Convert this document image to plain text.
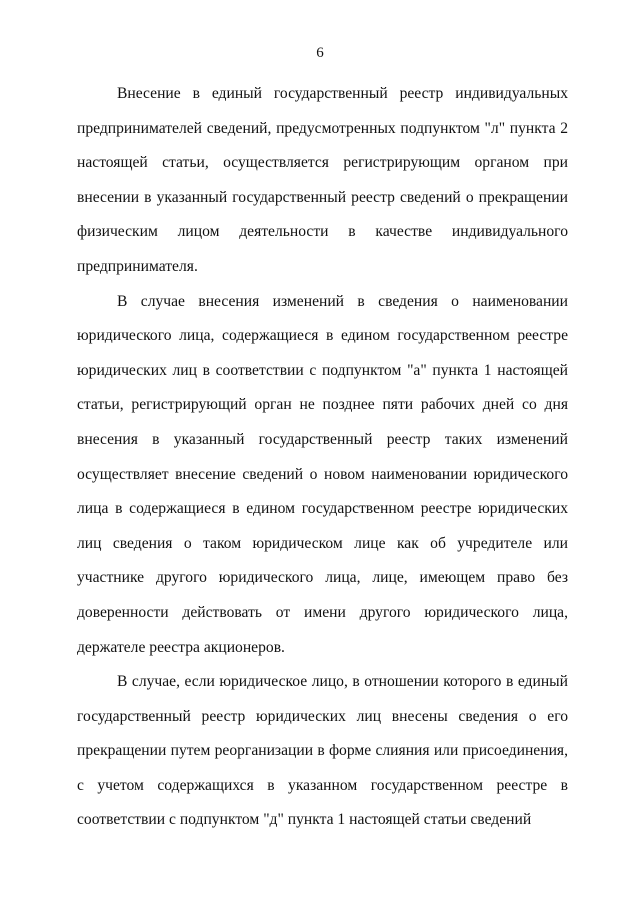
6

Внесение в единый государственный реестр индивидуальных предпринимателей сведений, предусмотренных подпунктом "л" пункта 2 настоящей статьи, осуществляется регистрирующим органом при внесении в указанный государственный реестр сведений о прекращении физическим лицом деятельности в качестве индивидуального предпринимателя.

В случае внесения изменений в сведения о наименовании юридического лица, содержащиеся в едином государственном реестре юридических лиц в соответствии с подпунктом "а" пункта 1 настоящей статьи, регистрирующий орган не позднее пяти рабочих дней со дня внесения в указанный государственный реестр таких изменений осуществляет внесение сведений о новом наименовании юридического лица в содержащиеся в едином государственном реестре юридических лиц сведения о таком юридическом лице как об учредителе или участнике другого юридического лица, лице, имеющем право без доверенности действовать от имени другого юридического лица, держателе реестра акционеров.

В случае, если юридическое лицо, в отношении которого в единый государственный реестр юридических лиц внесены сведения о его прекращении путем реорганизации в форме слияния или присоединения, с учетом содержащихся в указанном государственном реестре в соответствии с подпунктом "д" пункта 1 настоящей статьи сведений
